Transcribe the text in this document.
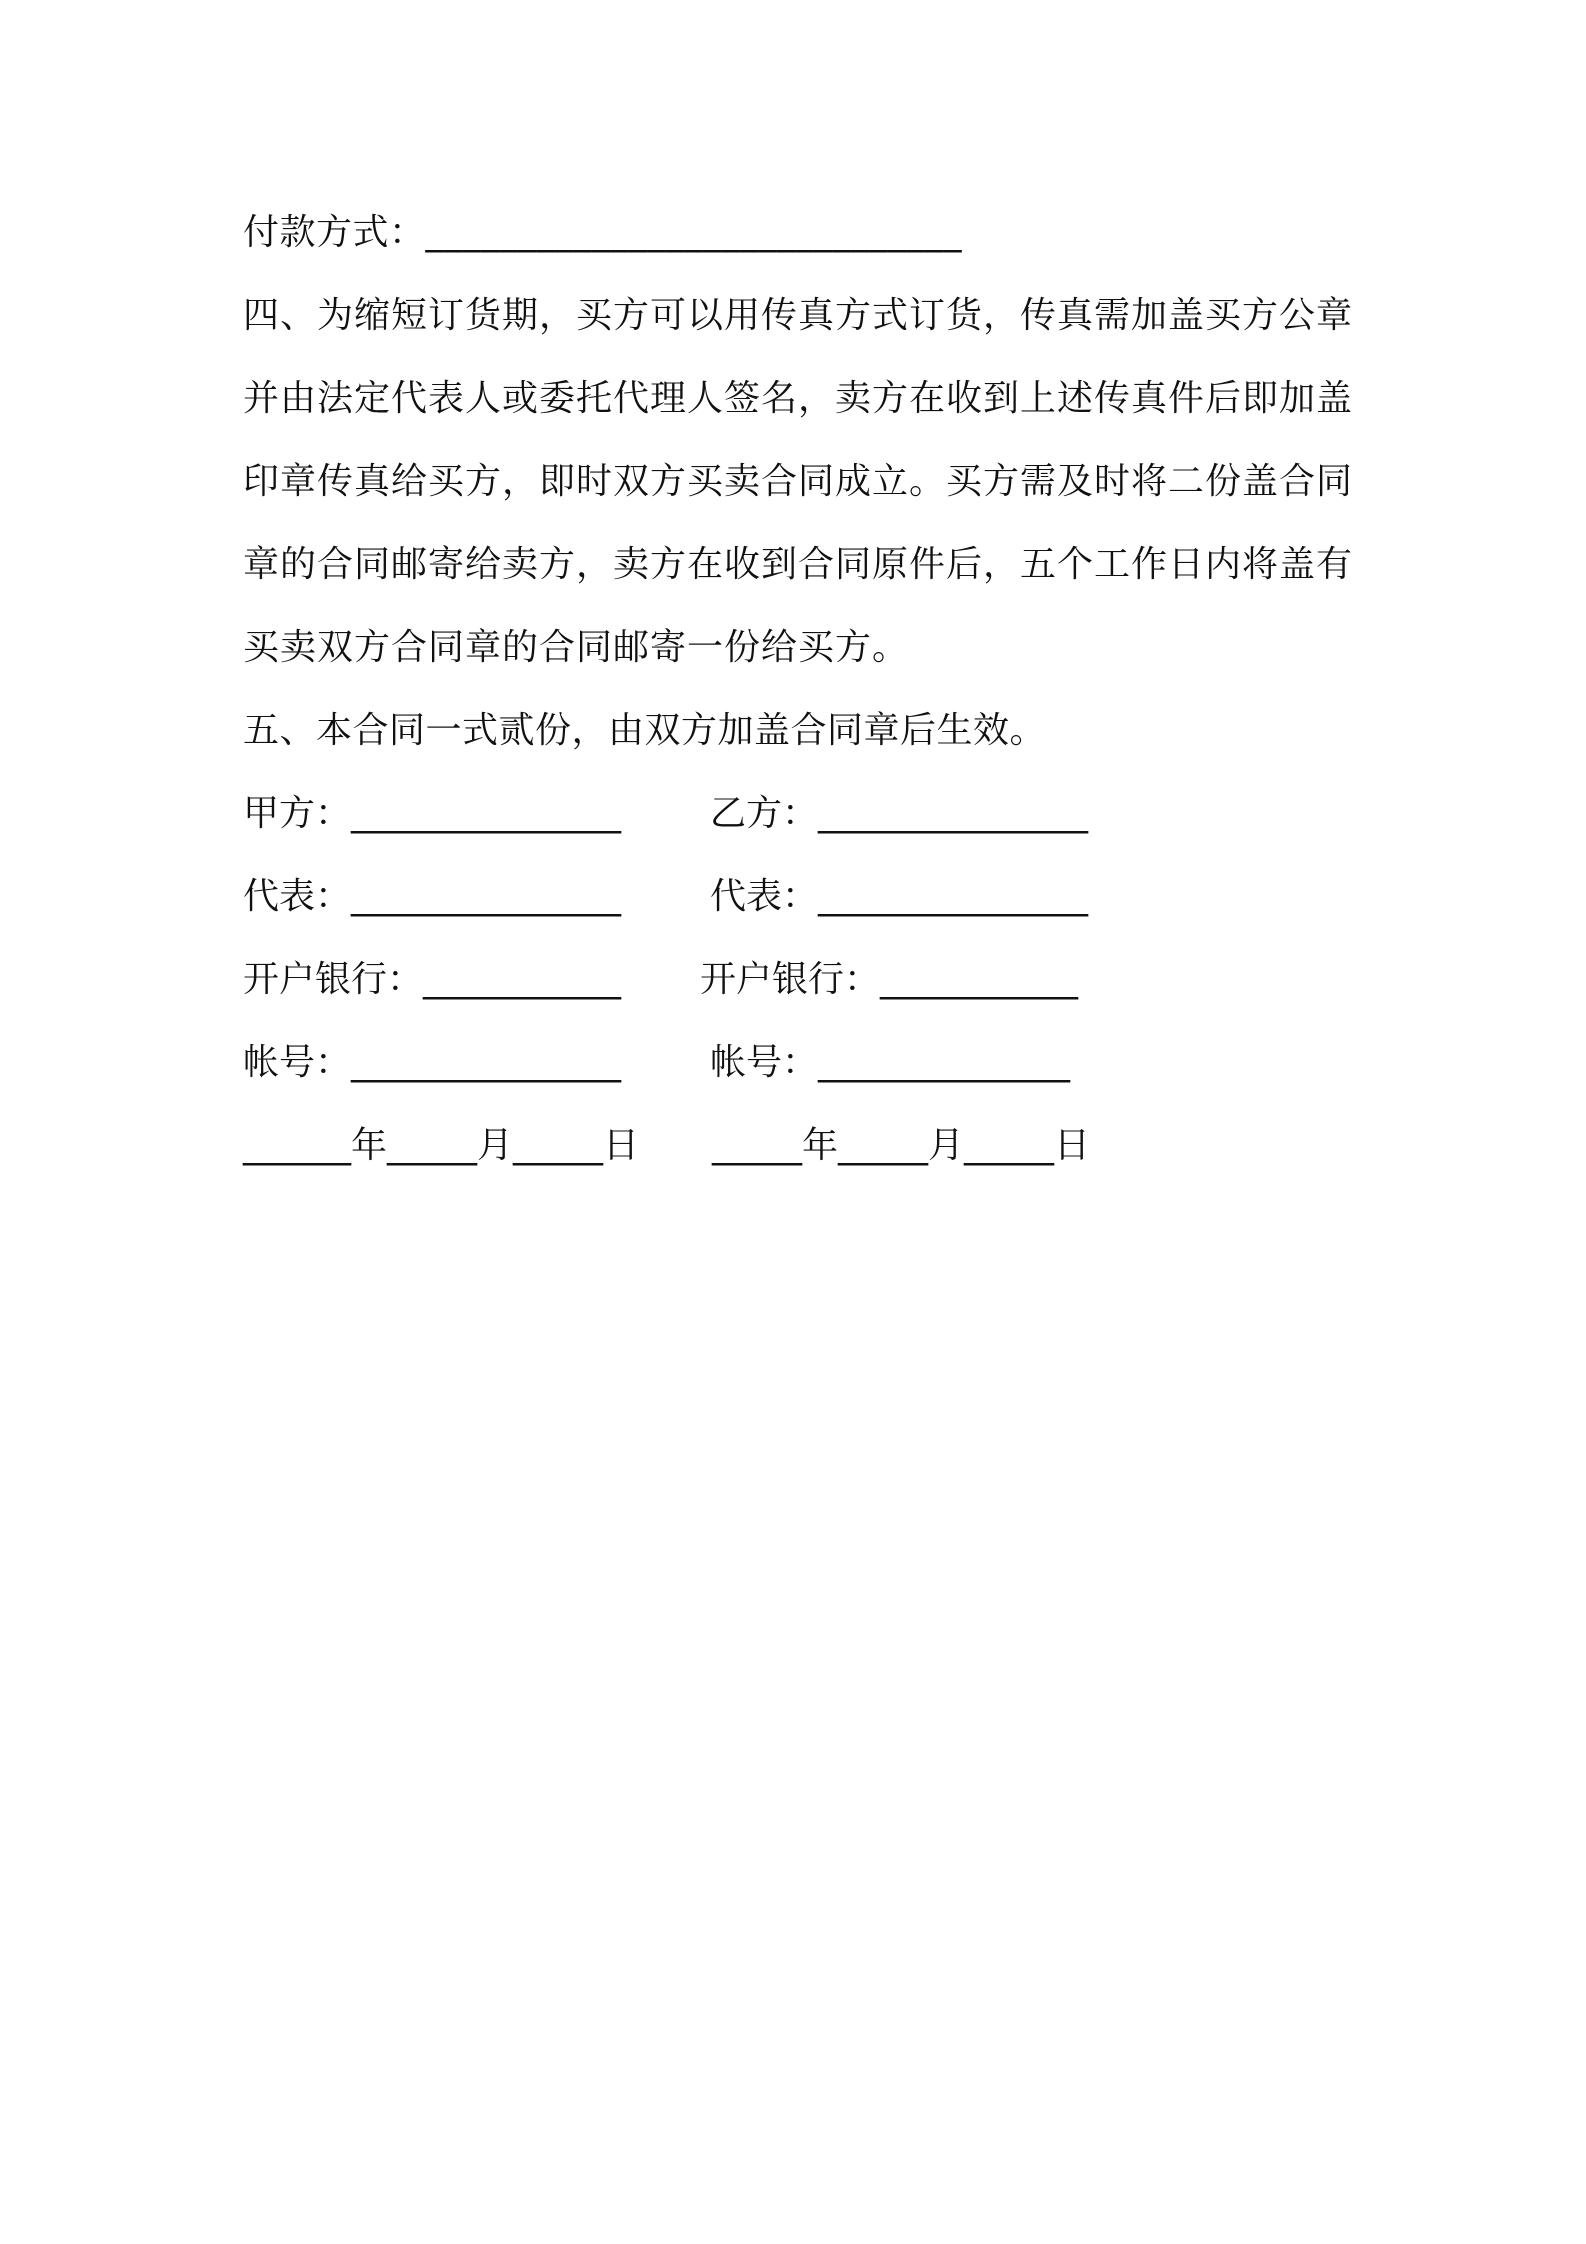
付款方式：_____________________________
四、为缩短订货期，买方可以用传真方式订货，传真需加盖买方公章
并由法定代表人或委托代理人签名，卖方在收到上述传真件后即加盖
印章传真给买方，即时双方买卖合同成立。买方需及时将二份盖合同
章的合同邮寄给卖方，卖方在收到合同原件后，五个工作日内将盖有
买卖双方合同章的合同邮寄一份给买方。
五、本合同一式贰份，由双方加盖合同章后生效。

甲方：_______________

乙方：_______________

代表：_______________

代表：_______________

开户银行：___________

开户银行：___________

帐号：_______________

帐号：______________

______年_____月_____日

_____年_____月_____日
